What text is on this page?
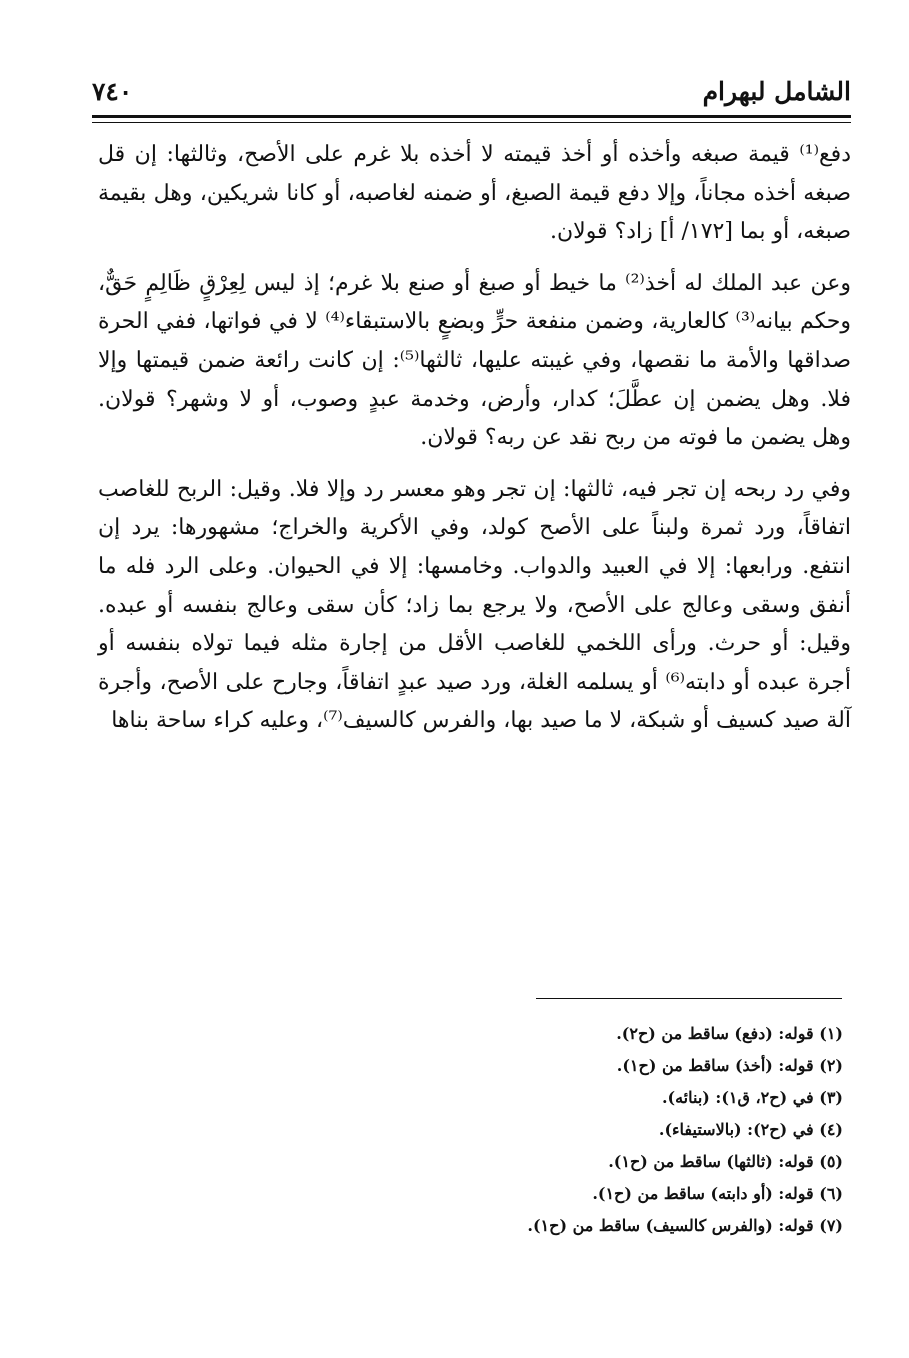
الشامل لبهرام
٧٤٠

دفع⁽¹⁾ قيمة صبغه وأخذه أو أخذ قيمته لا أخذه بلا غرم على الأصح، وثالثها: إن قل صبغه أخذه مجاناً، وإلا دفع قيمة الصبغ، أو ضمنه لغاصبه، أو كانا شريكين، وهل بقيمة صبغه، أو بما [١٧٢/ أ] زاد؟ قولان.

وعن عبد الملك له أخذ⁽²⁾ ما خيط أو صبغ أو صنع بلا غرم؛ إذ ليس لِعِرْقٍ ظَالِمٍ حَقٌّ، وحكم بيانه⁽³⁾ كالعارية، وضمن منفعة حرٍّ وبضعٍ بالاستبقاء⁽⁴⁾ لا في فواتها، ففي الحرة صداقها والأمة ما نقصها، وفي غيبته عليها، ثالثها⁽⁵⁾: إن كانت رائعة ضمن قيمتها وإلا فلا. وهل يضمن إن عطَّلَ؛ كدار، وأرض، وخدمة عبدٍ وصوب، أو لا وشهر؟ قولان. وهل يضمن ما فوته من ربح نقد عن ربه؟ قولان.

وفي رد ربحه إن تجر فيه، ثالثها: إن تجر وهو معسر رد وإلا فلا. وقيل: الربح للغاصب اتفاقاً، ورد ثمرة ولبناً على الأصح كولد، وفي الأكرية والخراج؛ مشهورها: يرد إن انتفع. ورابعها: إلا في العبيد والدواب. وخامسها: إلا في الحيوان. وعلى الرد فله ما أنفق وسقى وعالج على الأصح، ولا يرجع بما زاد؛ كأن سقى وعالج بنفسه أو عبده. وقيل: أو حرث. ورأى اللخمي للغاصب الأقل من إجارة مثله فيما تولاه بنفسه أو أجرة عبده أو دابته⁽⁶⁾ أو يسلمه الغلة، ورد صيد عبدٍ اتفاقاً، وجارح على الأصح، وأجرة آلة صيد كسيف أو شبكة، لا ما صيد بها، والفرس كالسيف⁽⁷⁾، وعليه كراء ساحة بناها

(١) قوله: (دفع) ساقط من (ح٢).

(٢) قوله: (أخذ) ساقط من (ح١).

(٣) في (ح٢، ق١): (بنائه).

(٤) في (ح٢): (بالاستيفاء).

(٥) قوله: (ثالثها) ساقط من (ح١).

(٦) قوله: (أو دابته) ساقط من (ح١).

(٧) قوله: (والفرس كالسيف) ساقط من (ح١).
